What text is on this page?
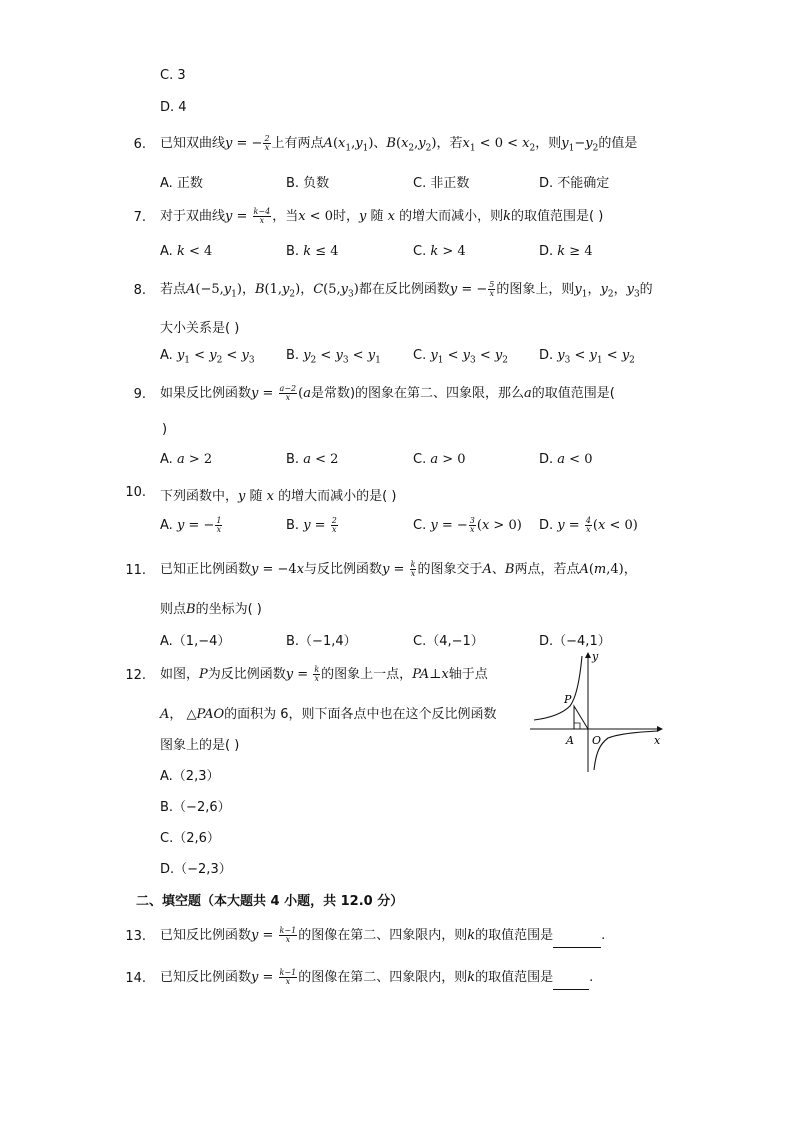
C. 3
D. 4
6. 已知双曲线y = − $\frac{2}{x}$ 上有两点$A(x_1,y_1)$、$B(x_2,y_2)$，若$x_1 < 0 < x_2$，则$y_1-y_2$的值是
A. 正数	B. 负数	C. 非正数	D. 不能确定
7. 对于双曲线$y = \frac{k-4}{x}$ ，当x < 0时，y 随 x 的增大而减小，则k的取值范围是( )
A. k < 4	B. k ≤ 4	C. k > 4	D. k ≥ 4
8. 若点$A(-5,y_1)$，$B(1,y_2)$，$C(5,y_3)$都在反比例函数y = − $\frac{5}{x}$ 的图象上，则$y_1$，$y_2$，$y_3$的
大小关系是( )
A. $y_1 < y_2 < y_3$ B. $y_2 < y_3 < y_1$ C. $y_1 < y_3 < y_2$ D. $y_3 < y_1 < y_2$
9. 如果反比例函数$y = \frac{a-2}{x} (a$是常数)的图象在第二、四象限，那么a的取值范围是(
)
A. a > 2	B. a < 2	C. a > 0	D. a < 0
10. 下列函数中，y 随 x 的增大而减小的是( )
A. y = − $\frac{1}{x}$	B. $y = \frac{2}{x}$	C. y = − $\frac{3}{x} (x > 0)$ D. $y = \frac{4}{x} (x < 0)$
11. 已知正比例函数y = −4x与反比例函数$y = \frac{k}{x}$ 的图象交于A、B两点，若点A(m,4)，
则点B的坐标为( )
A.（1,−4）	B.（−1,4）	C.（4,−1）	D.（−4,1）
12. 如图，P为反比例函数$y = \frac{k}{x}$ 的图象上一点，PA⊥x轴于点
A， △PAO的面积为 6，则下面各点中也在这个反比例函数
图象上的是( )
A.（2,3）
B.（−2,6）
C.（2,6）
D.（−2,3）
y
x
P
A O
二、填空题（本大题共 4 小题，共 12.0 分）
13. 已知反比例函数$y = \frac{k-1}{x}$ 的图像在第二、四象限内，则k的取值范围是	.
14. 已知反比例函数$y = \frac{k-1}{x}$ 的图像在第二、四象限内，则k的取值范围是	.
